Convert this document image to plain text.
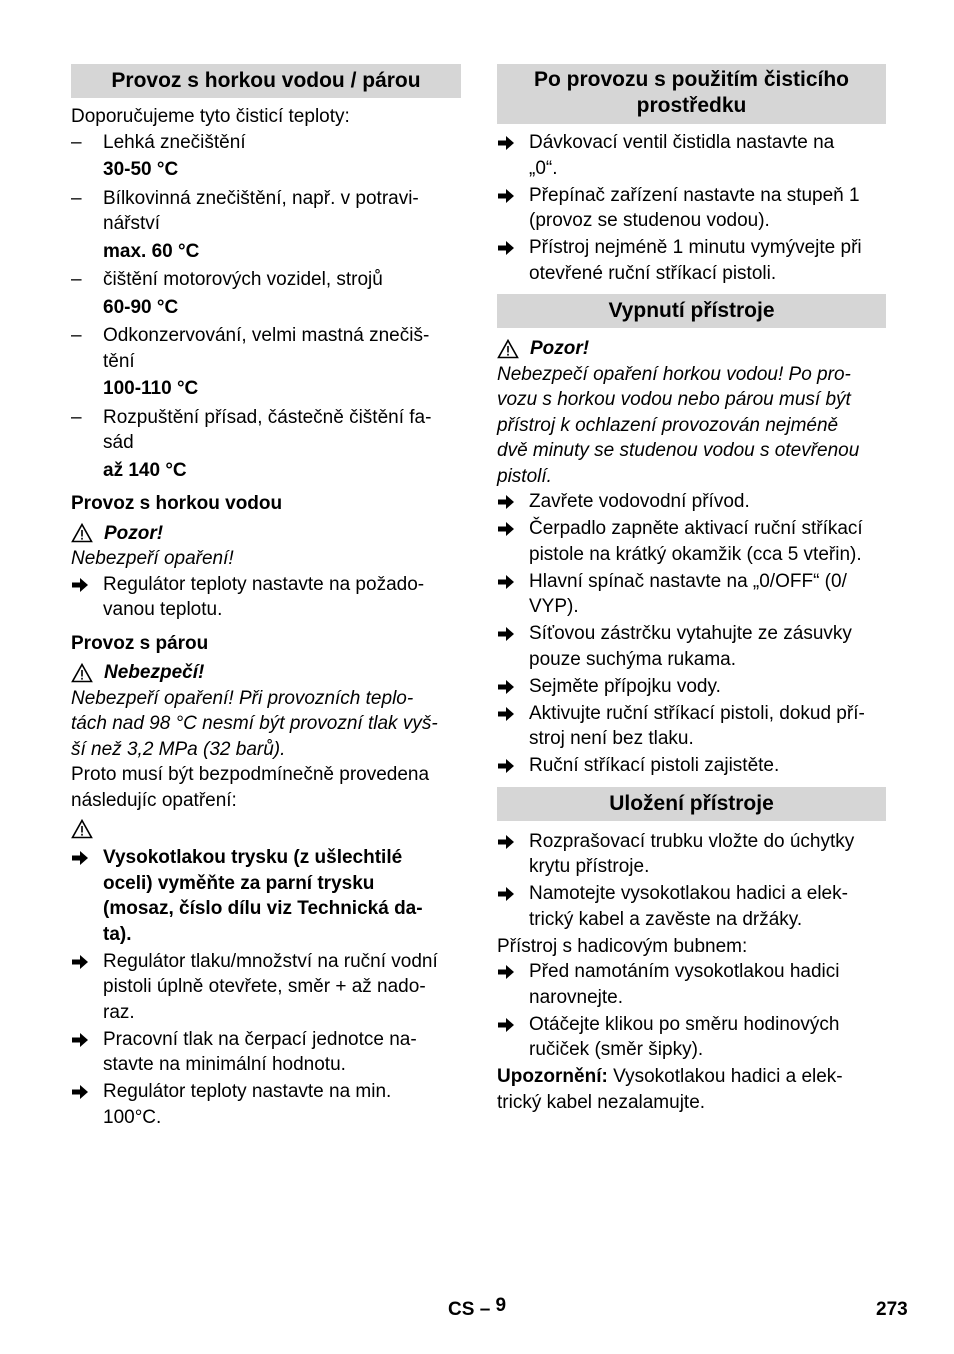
Provoz s horkou vodou / párou
Doporučujeme tyto čisticí teploty:
– Lehká znečištění
30-50 °C
– Bílkovinná znečištění, např. v potravi-
nářství
max. 60 °C
– čištění motorových vozidel, strojů
60-90 °C
– Odkonzervování, velmi mastná znečiš-
tění
100-110 °C
– Rozpuštění přísad, částečně čištění fa-
sád
až 140 °C
Provoz s horkou vodou
Pozor!
Nebezpeří opaření!
Regulátor teploty nastavte na požado-
vanou teplotu.
Provoz s párou
Nebezpečí!
Nebezpeří opaření! Při provozních teplo-
tách nad 98 °C nesmí být provozní tlak vyš-
ší než 3,2 MPa (32 barů).
Proto musí být bezpodmínečně provedena
následujíc opatření:
Vysokotlakou trysku (z ušlechtilé
oceli) vyměňte za parní trysku
(mosaz, číslo dílu viz Technická da-
ta).
Regulátor tlaku/množství na ruční vodní
pistoli úplně otevřete, směr + až nado-
raz.
Pracovní tlak na čerpací jednotce na-
stavte na minimální hodnotu.
Regulátor teploty nastavte na min.
100°C.
Po provozu s použitím čisticího
prostředku
Dávkovací ventil čistidla nastavte na
„0“.
Přepínač zařízení nastavte na stupeň 1
(provoz se studenou vodou).
Přístroj nejméně 1 minutu vymývejte při
otevřené ruční stříkací pistoli.
Vypnutí přístroje
Pozor!
Nebezpečí opaření horkou vodou! Po pro-
vozu s horkou vodou nebo párou musí být
přístroj k ochlazení provozován nejméně
dvě minuty se studenou vodou s otevřenou
pistolí.
Zavřete vodovodní přívod.
Čerpadlo zapněte aktivací ruční stříkací
pistole na krátký okamžik (cca 5 vteřin).
Hlavní spínač nastavte na „0/OFF“ (0/
VYP).
Síťovou zástrčku vytahujte ze zásuvky
pouze suchýma rukama.
Sejměte přípojku vody.
Aktivujte ruční stříkací pistoli, dokud pří-
stroj není bez tlaku.
Ruční stříkací pistoli zajistěte.
Uložení přístroje
Rozprašovací trubku vložte do úchytky
krytu přístroje.
Namotejte vysokotlakou hadici a elek-
trický kabel a zavěste na držáky.
Přístroj s hadicovým bubnem:
Před namotáním vysokotlakou hadici
narovnejte.
Otáčejte klikou po směru hodinových
ručiček (směr šipky).
Upozornění: Vysokotlakou hadici a elek-
trický kabel nezalamujte.
CS – 9	273
